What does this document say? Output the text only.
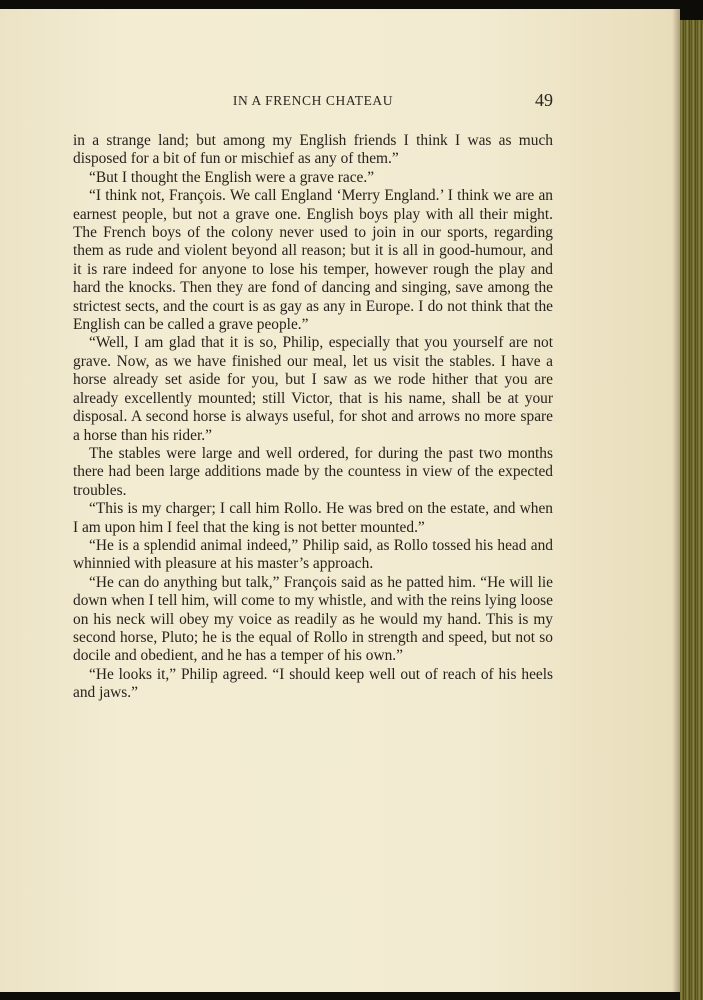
IN A FRENCH CHATEAU	49

in a strange land; but among my English friends I think I was as much disposed for a bit of fun or mischief as any of them.”

“But I thought the English were a grave race.”

“I think not, François. We call England ‘Merry England.’ I think we are an earnest people, but not a grave one. English boys play with all their might. The French boys of the colony never used to join in our sports, regarding them as rude and violent beyond all reason; but it is all in good-humour, and it is rare indeed for anyone to lose his temper, however rough the play and hard the knocks. Then they are fond of dancing and singing, save among the strictest sects, and the court is as gay as any in Europe. I do not think that the English can be called a grave people.”

“Well, I am glad that it is so, Philip, especially that you yourself are not grave. Now, as we have finished our meal, let us visit the stables. I have a horse already set aside for you, but I saw as we rode hither that you are already excellently mounted; still Victor, that is his name, shall be at your disposal. A second horse is always useful, for shot and arrows no more spare a horse than his rider.”

The stables were large and well ordered, for during the past two months there had been large additions made by the countess in view of the expected troubles.

“This is my charger; I call him Rollo. He was bred on the estate, and when I am upon him I feel that the king is not better mounted.”

“He is a splendid animal indeed,” Philip said, as Rollo tossed his head and whinnied with pleasure at his master’s approach.

“He can do anything but talk,” François said as he patted him. “He will lie down when I tell him, will come to my whistle, and with the reins lying loose on his neck will obey my voice as readily as he would my hand. This is my second horse, Pluto; he is the equal of Rollo in strength and speed, but not so docile and obedient, and he has a temper of his own.”

“He looks it,” Philip agreed. “I should keep well out of reach of his heels and jaws.”
